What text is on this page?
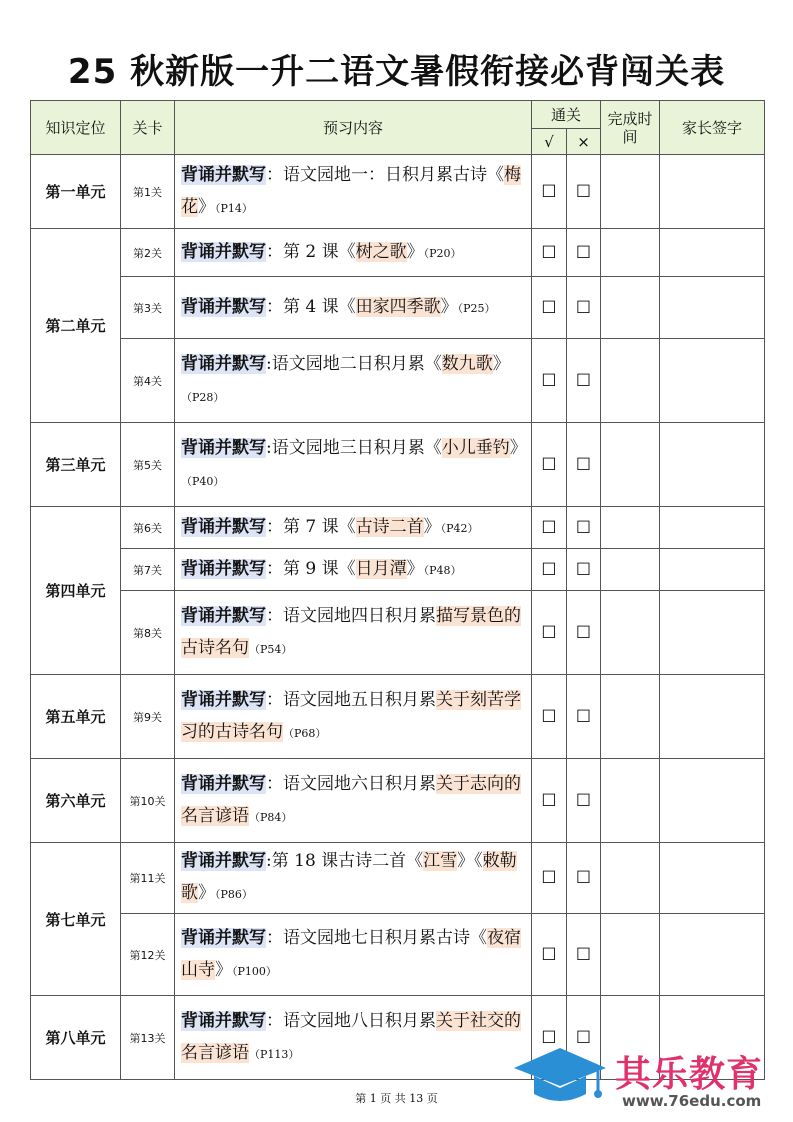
25 秋新版一升二语文暑假衔接必背闯关表
知识定位	关卡	预习内容	通关		完成时间	家长签字
			√	×		
第一单元	第1关	背诵并默写：语文园地一：日积月累古诗《梅花》（P14）	☐	☐		
第二单元	第2关	背诵并默写：第 2 课《树之歌》（P20）	☐	☐		
	第3关	背诵并默写：第 4 课《田家四季歌》（P25）	☐	☐		
	第4关	背诵并默写:语文园地二日积月累《数九歌》（P28）	☐	☐		
第三单元	第5关	背诵并默写:语文园地三日积月累《小儿垂钓》（P40）	☐	☐		
第四单元	第6关	背诵并默写：第 7 课《古诗二首》（P42）	☐	☐		
	第7关	背诵并默写：第 9 课《日月潭》（P48）	☐	☐		
	第8关	背诵并默写：语文园地四日积月累描写景色的古诗名句（P54）	☐	☐		
第五单元	第9关	背诵并默写：语文园地五日积月累关于刻苦学习的古诗名句（P68）	☐	☐		
第六单元	第10关	背诵并默写：语文园地六日积月累关于志向的名言谚语（P84）	☐	☐		
第七单元	第11关	背诵并默写:第 18 课古诗二首《江雪》《敕勒歌》（P86）	☐	☐		
	第12关	背诵并默写：语文园地七日积月累古诗《夜宿山寺》（P100）	☐	☐		
第八单元	第13关	背诵并默写：语文园地八日积月累关于社交的名言谚语（P113）	☐	☐		
第 1 页 共 13 页
其乐教育
www.76edu.com
